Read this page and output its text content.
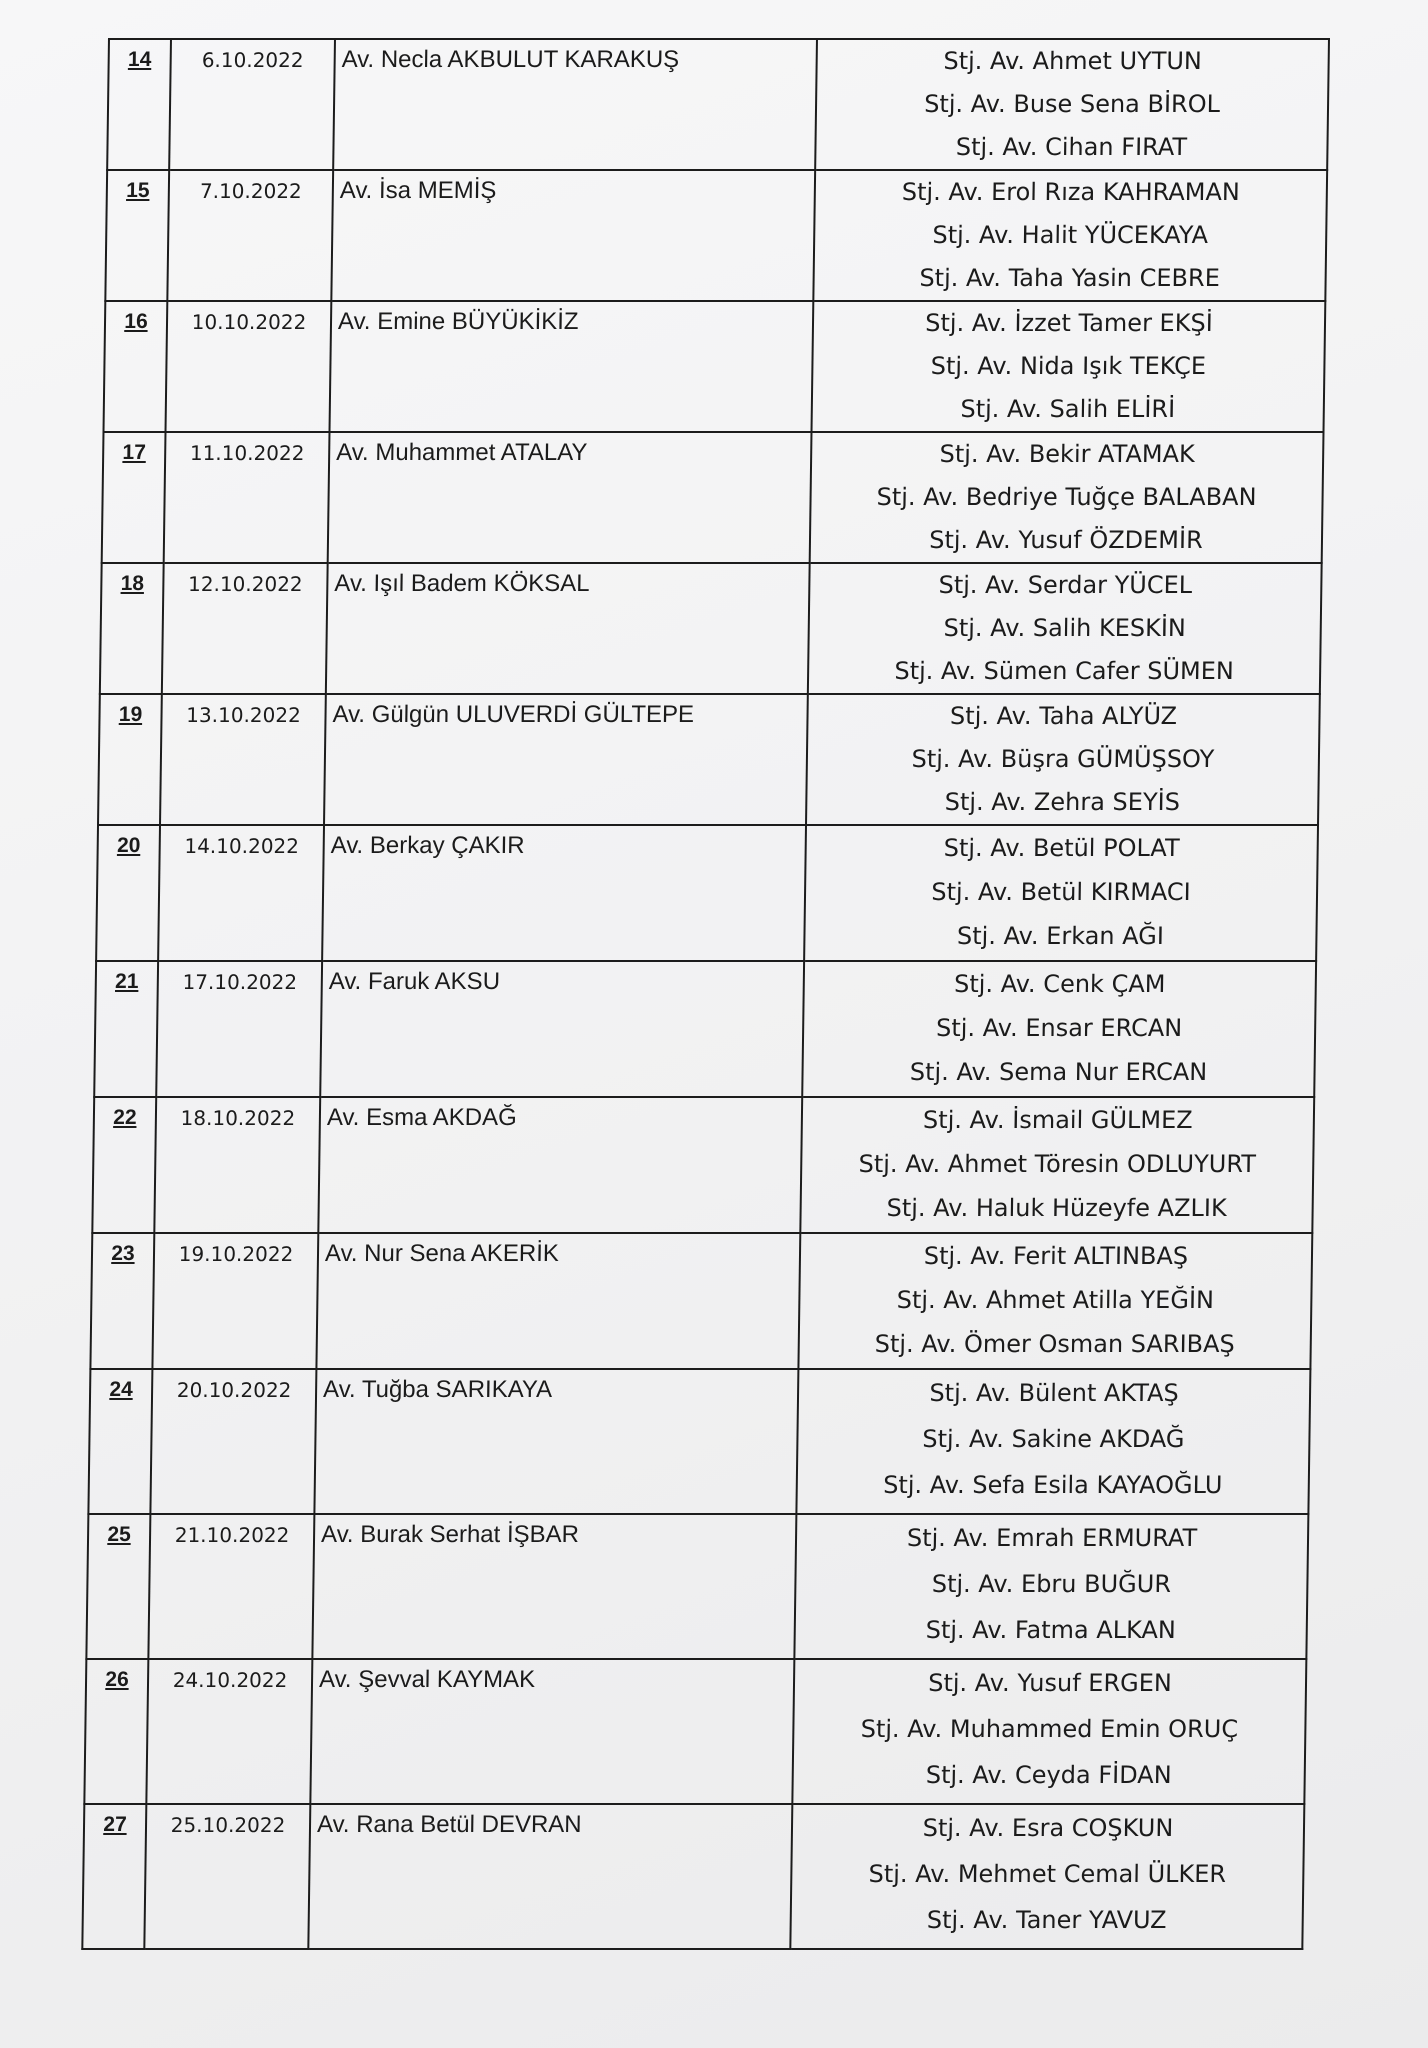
14	6.10.2022	Av. Necla AKBULUT KARAKUŞ	Stj. Av. Ahmet UYTUN
Stj. Av. Buse Sena BİROL
Stj. Av. Cihan FIRAT

15	7.10.2022	Av. İsa MEMİŞ	Stj. Av. Erol Rıza KAHRAMAN
Stj. Av. Halit YÜCEKAYA
Stj. Av. Taha Yasin CEBRE

16	10.10.2022	Av. Emine BÜYÜKİKİZ	Stj. Av. İzzet Tamer EKŞİ
Stj. Av. Nida Işık TEKÇE
Stj. Av. Salih ELİRİ

17	11.10.2022	Av. Muhammet ATALAY	Stj. Av. Bekir ATAMAK
Stj. Av. Bedriye Tuğçe BALABAN
Stj. Av. Yusuf ÖZDEMİR

18	12.10.2022	Av. Işıl Badem KÖKSAL	Stj. Av. Serdar YÜCEL
Stj. Av. Salih KESKİN
Stj. Av. Sümen Cafer SÜMEN

19	13.10.2022	Av. Gülgün ULUVERDİ GÜLTEPE	Stj. Av. Taha ALYÜZ
Stj. Av. Büşra GÜMÜŞSOY
Stj. Av. Zehra SEYİS

20	14.10.2022	Av. Berkay ÇAKIR	Stj. Av. Betül POLAT
Stj. Av. Betül KIRMACI
Stj. Av. Erkan AĞI

21	17.10.2022	Av. Faruk AKSU	Stj. Av. Cenk ÇAM
Stj. Av. Ensar ERCAN
Stj. Av. Sema Nur ERCAN

22	18.10.2022	Av. Esma AKDAĞ	Stj. Av. İsmail GÜLMEZ
Stj. Av. Ahmet Töresin ODLUYURT
Stj. Av. Haluk Hüzeyfe AZLIK

23	19.10.2022	Av. Nur Sena AKERİK	Stj. Av. Ferit ALTINBAŞ
Stj. Av. Ahmet Atilla YEĞİN
Stj. Av. Ömer Osman SARIBAŞ

24	20.10.2022	Av. Tuğba SARIKAYA	Stj. Av. Bülent AKTAŞ
Stj. Av. Sakine AKDAĞ
Stj. Av. Sefa Esila KAYAOĞLU

25	21.10.2022	Av. Burak Serhat İŞBAR	Stj. Av. Emrah ERMURAT
Stj. Av. Ebru BUĞUR
Stj. Av. Fatma ALKAN

26	24.10.2022	Av. Şevval KAYMAK	Stj. Av. Yusuf ERGEN
Stj. Av. Muhammed Emin ORUÇ
Stj. Av. Ceyda FİDAN

27	25.10.2022	Av. Rana Betül DEVRAN	Stj. Av. Esra COŞKUN
Stj. Av. Mehmet Cemal ÜLKER
Stj. Av. Taner YAVUZ
